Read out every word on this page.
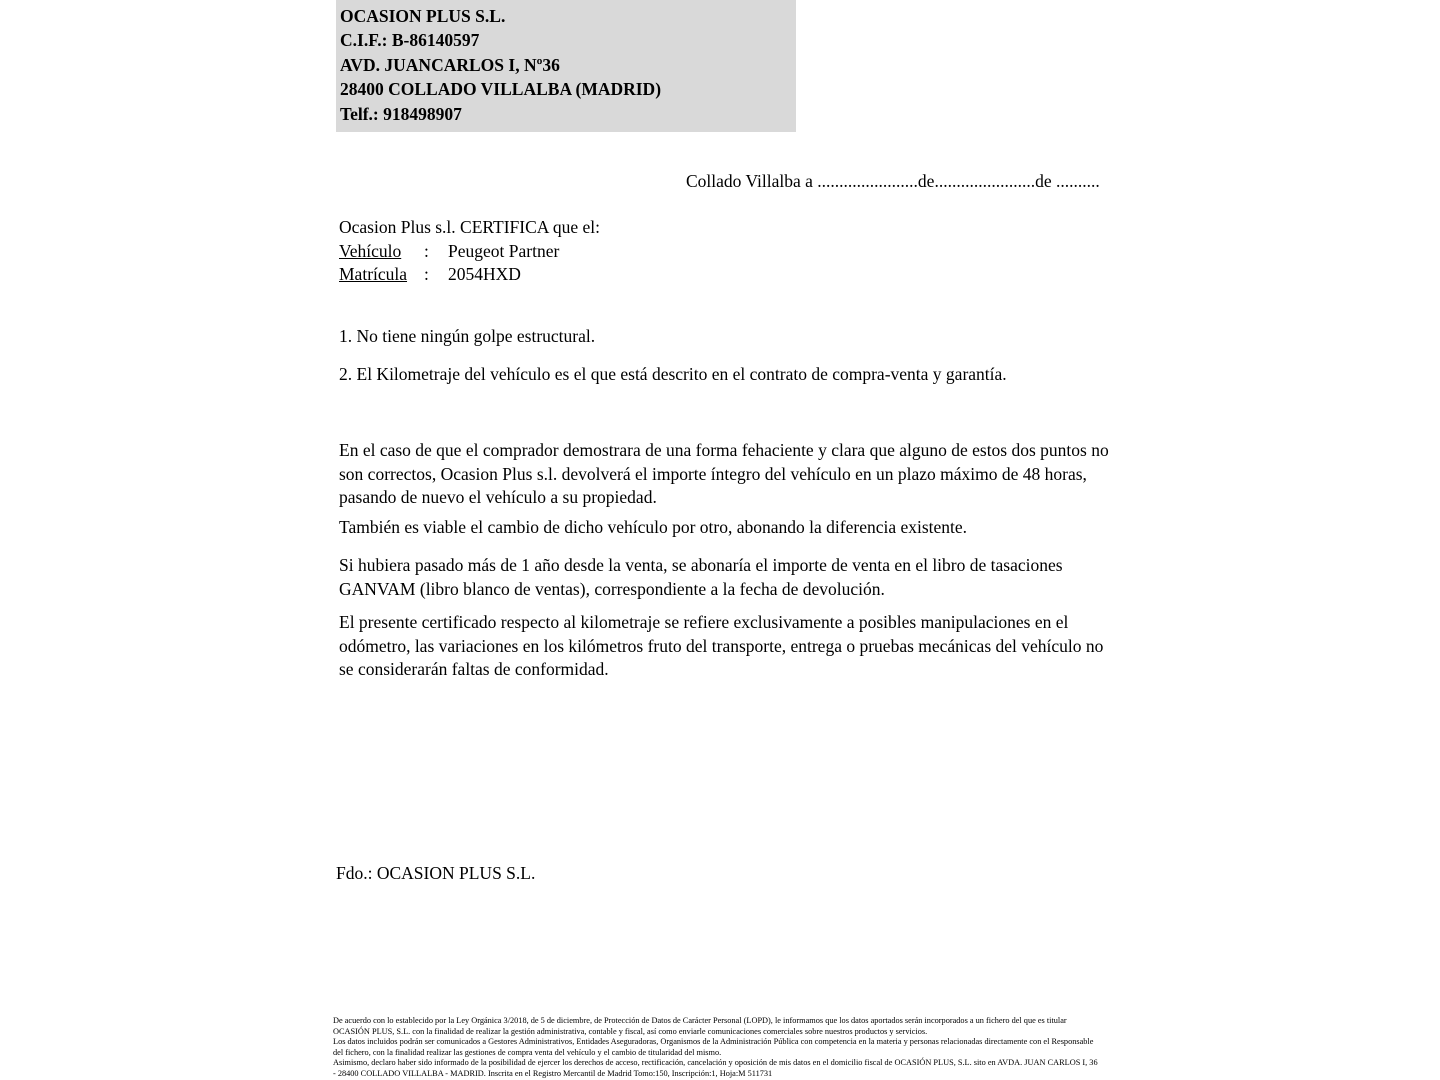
OCASION PLUS S.L.
C.I.F.: B-86140597
AVD. JUANCARLOS I, Nº36
28400 COLLADO VILLALBA (MADRID)
Telf.: 918498907
Collado Villalba a .......................de.......................de ..........
Ocasion Plus s.l. CERTIFICA que el:
Vehículo : Peugeot Partner
Matrícula : 2054HXD
1. No tiene ningún golpe estructural.
2. El Kilometraje del vehículo es el que está descrito en el contrato de compra-venta y garantía.
En el caso de que el comprador demostrara de una forma fehaciente y clara que alguno de estos dos puntos no son correctos, Ocasion Plus s.l. devolverá el importe íntegro del vehículo en un plazo máximo de 48 horas, pasando de nuevo el vehículo a su propiedad.
También es viable el cambio de dicho vehículo por otro, abonando la diferencia existente.
Si hubiera pasado más de 1 año desde la venta, se abonaría el importe de venta en el libro de tasaciones GANVAM (libro blanco de ventas), correspondiente a la fecha de devolución.
El presente certificado respecto al kilometraje se refiere exclusivamente a posibles manipulaciones en el odómetro, las variaciones en los kilómetros fruto del transporte, entrega o pruebas mecánicas del vehículo no se considerarán faltas de conformidad.
Fdo.: OCASION PLUS S.L.

De acuerdo con lo establecido por la Ley Orgánica 3/2018, de 5 de diciembre, de Protección de Datos de Carácter Personal (LOPD), le informamos que los datos aportados serán incorporados a un fichero del que es titular OCASIÓN PLUS, S.L. con la finalidad de realizar la gestión administrativa, contable y fiscal, así como enviarle comunicaciones comerciales sobre nuestros productos y servicios.

Los datos incluidos podrán ser comunicados a Gestores Administrativos, Entidades Aseguradoras, Organismos de la Administración Pública con competencia en la materia y personas relacionadas directamente con el Responsable del fichero, con la finalidad realizar las gestiones de compra venta del vehículo y el cambio de titularidad del mismo.

Asimismo, declaro haber sido informado de la posibilidad de ejercer los derechos de acceso, rectificación, cancelación y oposición de mis datos en el domicilio fiscal de OCASIÓN PLUS, S.L. sito en AVDA. JUAN CARLOS I, 36 - 28400 COLLADO VILLALBA - MADRID. Inscrita en el Registro Mercantil de Madrid Tomo:150, Inscripción:1, Hoja:M 511731
